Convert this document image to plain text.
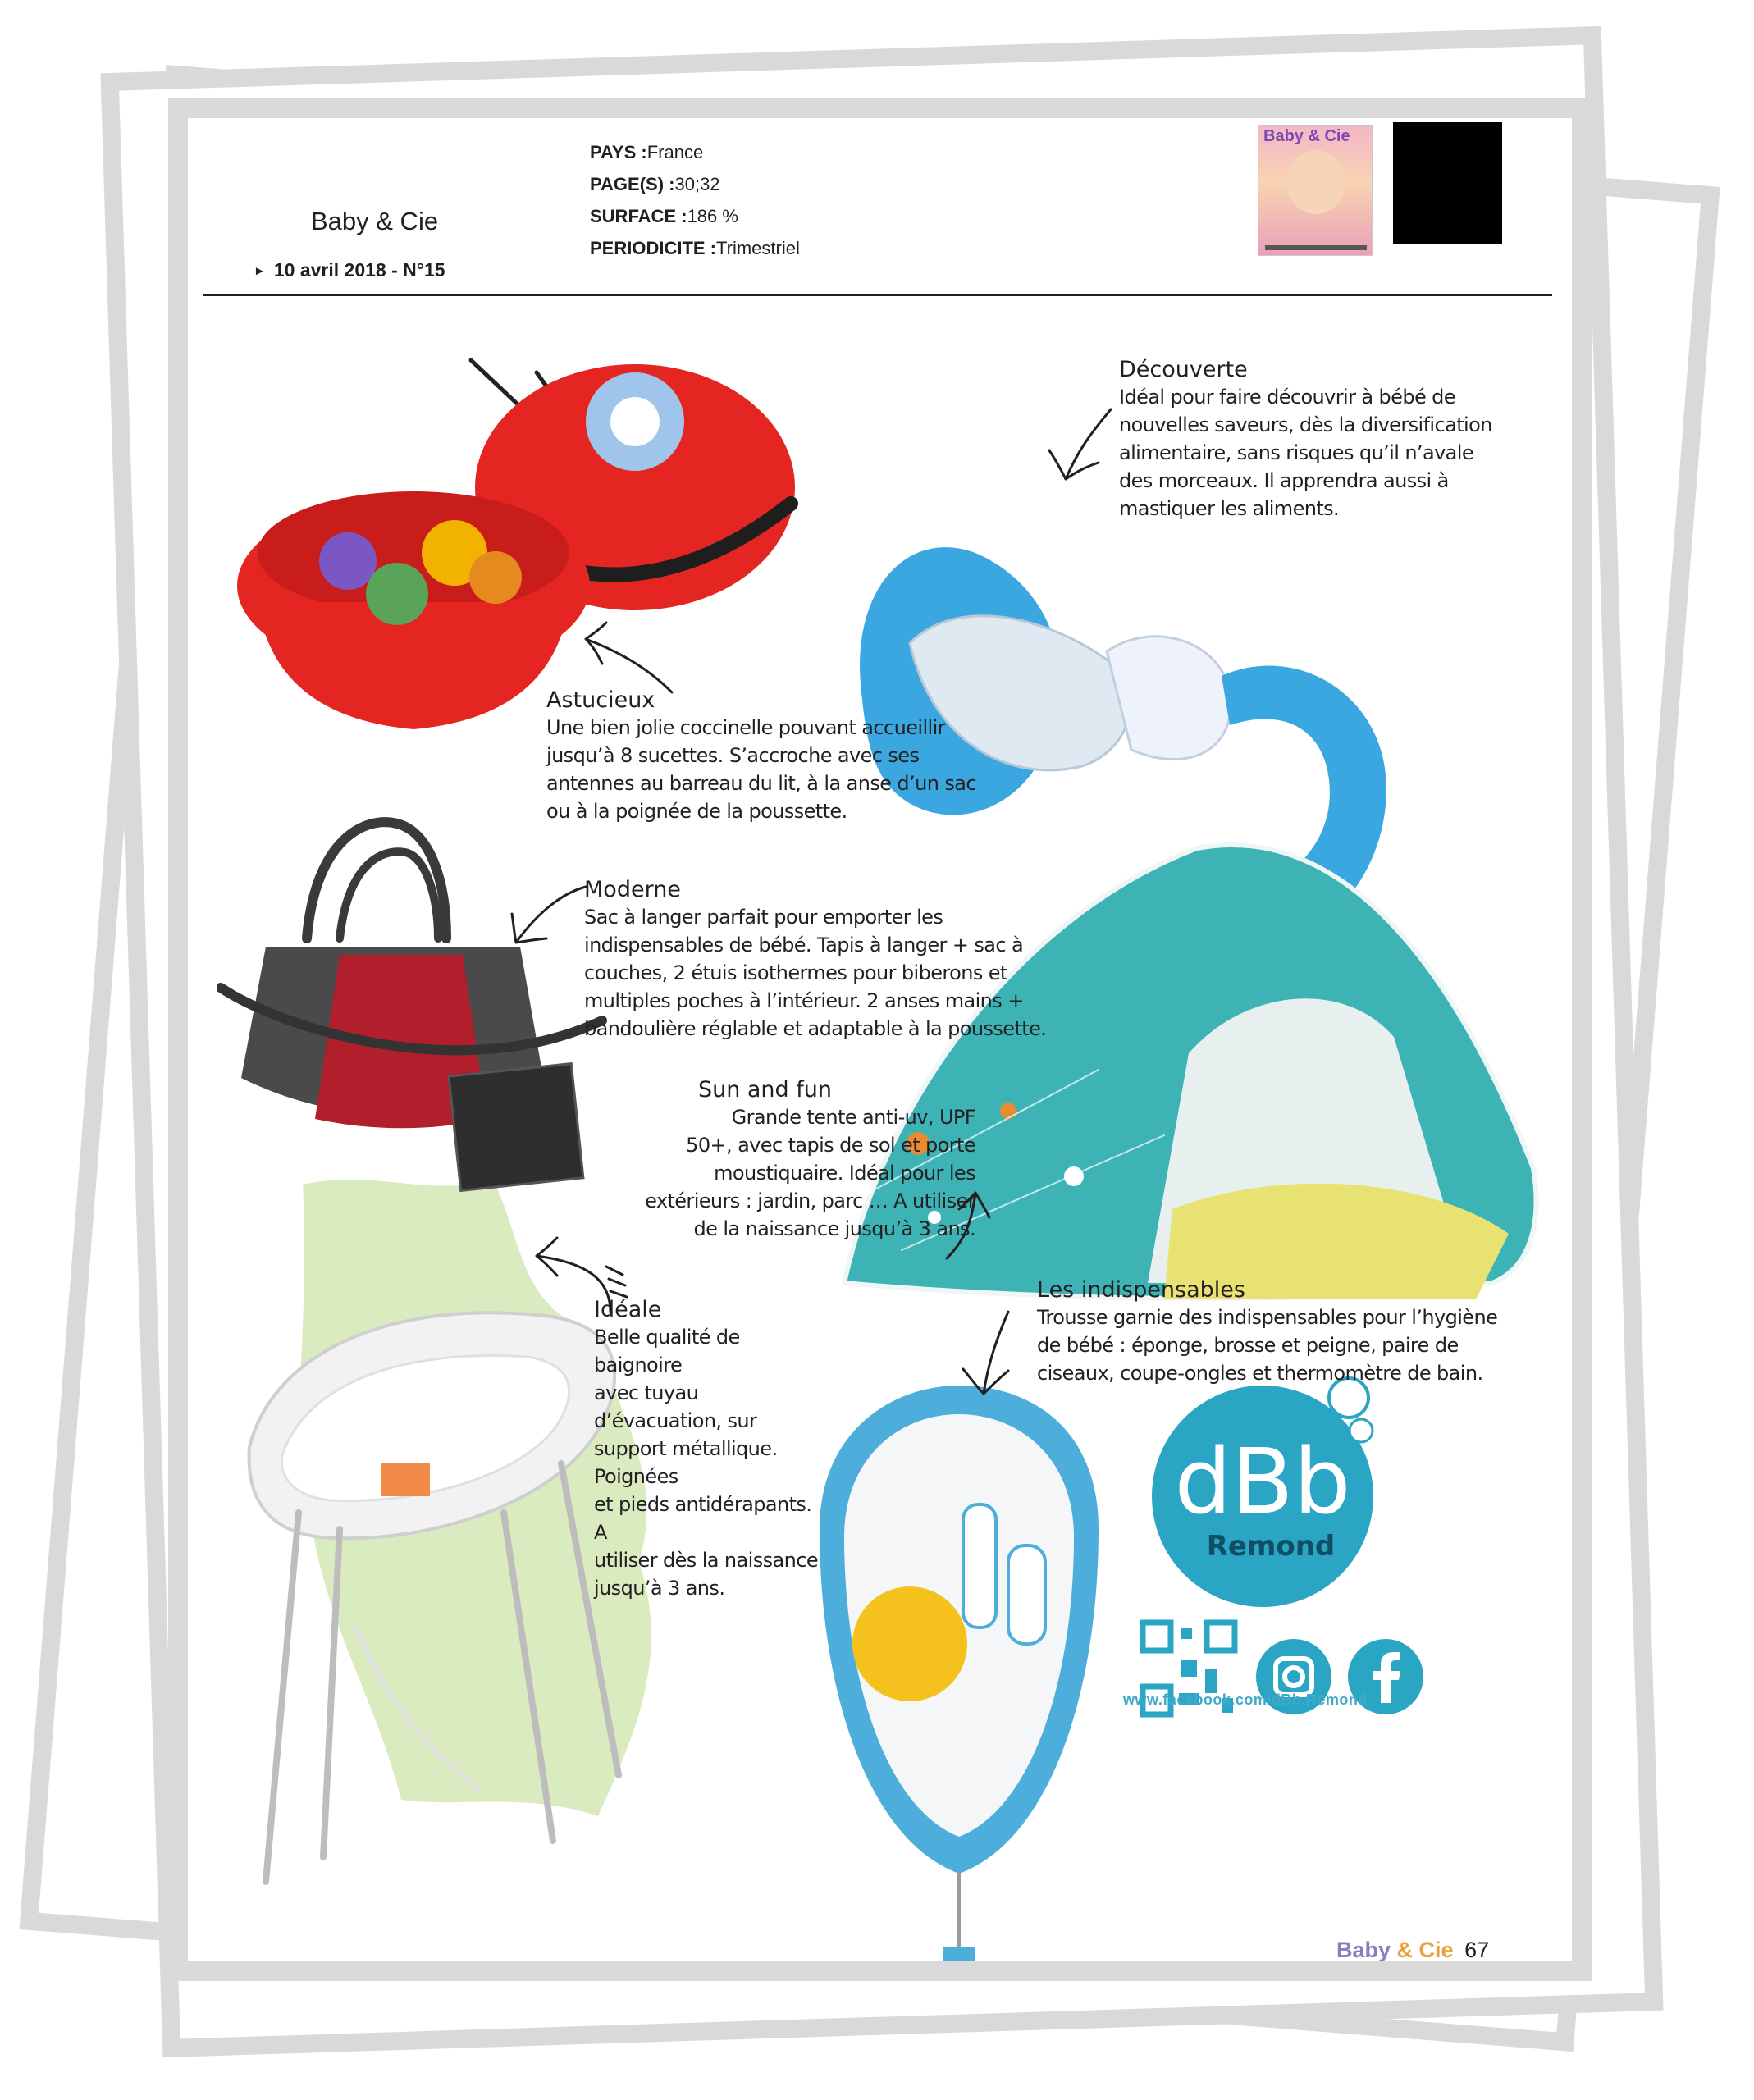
Baby & Cie
► 10 avril 2018 - N°15
PAYS :France
PAGE(S) :30;32
SURFACE :186 %
PERIODICITE :Trimestriel
Baby & Cie
dBb
Remond
www.facebook.com/dBb.Remond
Découverte

Idéal pour faire découvrir à bébé de

nouvelles saveurs, dès la diversification

alimentaire, sans risques qu’il n’avale

des morceaux. Il apprendra aussi à

mastiquer les aliments.

Astucieux

Une bien jolie coccinelle pouvant accueillir

jusqu’à 8 sucettes. S’accroche avec ses

antennes au barreau du lit, à la anse d’un sac

ou à la poignée de la poussette.

Moderne

Sac à langer parfait pour emporter les

indispensables de bébé. Tapis à langer + sac à

couches, 2 étuis isothermes pour biberons et

multiples poches à l’intérieur. 2 anses mains +

bandoulière réglable et adaptable à la poussette.

Sun and fun

Grande tente anti-uv, UPF

50+, avec tapis de sol et porte

moustiquaire. Idéal pour les

extérieurs : jardin, parc … A utiliser

de la naissance jusqu’à 3 ans.

Idéale

Belle qualité de baignoire

avec tuyau d’évacuation, sur

support métallique. Poignées

et pieds antidérapants. A

utiliser dès la naissance

jusqu’à 3 ans.

Les indispensables

Trousse garnie des indispensables pour l’hygiène

de bébé : éponge, brosse et peigne, paire de

ciseaux, coupe-ongles et thermomètre de bain.

Baby & Cie 67
